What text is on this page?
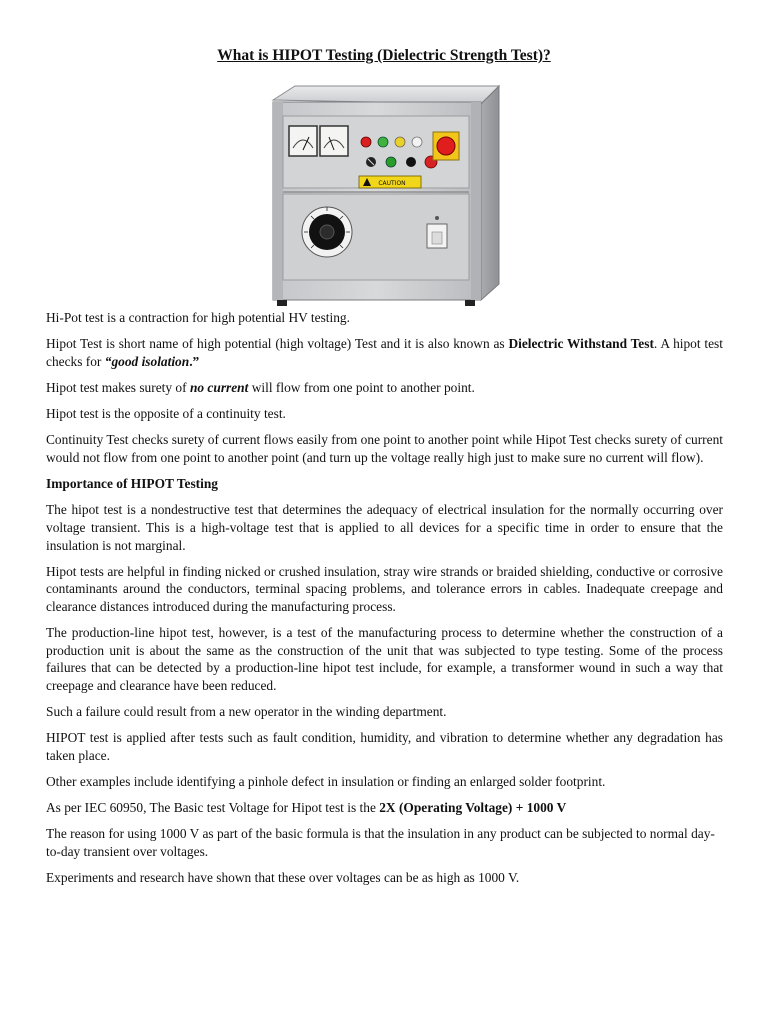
What is HIPOT Testing (Dielectric Strength Test)?
CAUTION

Hi-Pot test is a contraction for high potential HV testing.

Hipot Test is short name of high potential (high voltage) Test and it is also known as Dielectric Withstand Test. A hipot test checks for “good isolation.”

Hipot test makes surety of no current will flow from one point to another point.

Hipot test is the opposite of a continuity test.

Continuity Test checks surety of current flows easily from one point to another point while Hipot Test checks surety of current would not flow from one point to another point (and turn up the voltage really high just to make sure no current will flow).

Importance of HIPOT Testing

The hipot test is a nondestructive test that determines the adequacy of electrical insulation for the normally occurring over voltage transient. This is a high-voltage test that is applied to all devices for a specific time in order to ensure that the insulation is not marginal.

Hipot tests are helpful in finding nicked or crushed insulation, stray wire strands or braided shielding, conductive or corrosive contaminants around the conductors, terminal spacing problems, and tolerance errors in cables. Inadequate creepage and clearance distances introduced during the manufacturing process.

The production-line hipot test, however, is a test of the manufacturing process to determine whether the construction of a production unit is about the same as the construction of the unit that was subjected to type testing. Some of the process failures that can be detected by a production-line hipot test include, for example, a transformer wound in such a way that creepage and clearance have been reduced.

Such a failure could result from a new operator in the winding department.

HIPOT test is applied after tests such as fault condition, humidity, and vibration to determine whether any degradation has taken place.

Other examples include identifying a pinhole defect in insulation or finding an enlarged solder footprint.

As per IEC 60950, The Basic test Voltage for Hipot test is the 2X (Operating Voltage) + 1000 V

The reason for using 1000 V as part of the basic formula is that the insulation in any product can be subjected to normal day-to-day transient over voltages.

Experiments and research have shown that these over voltages can be as high as 1000 V.
